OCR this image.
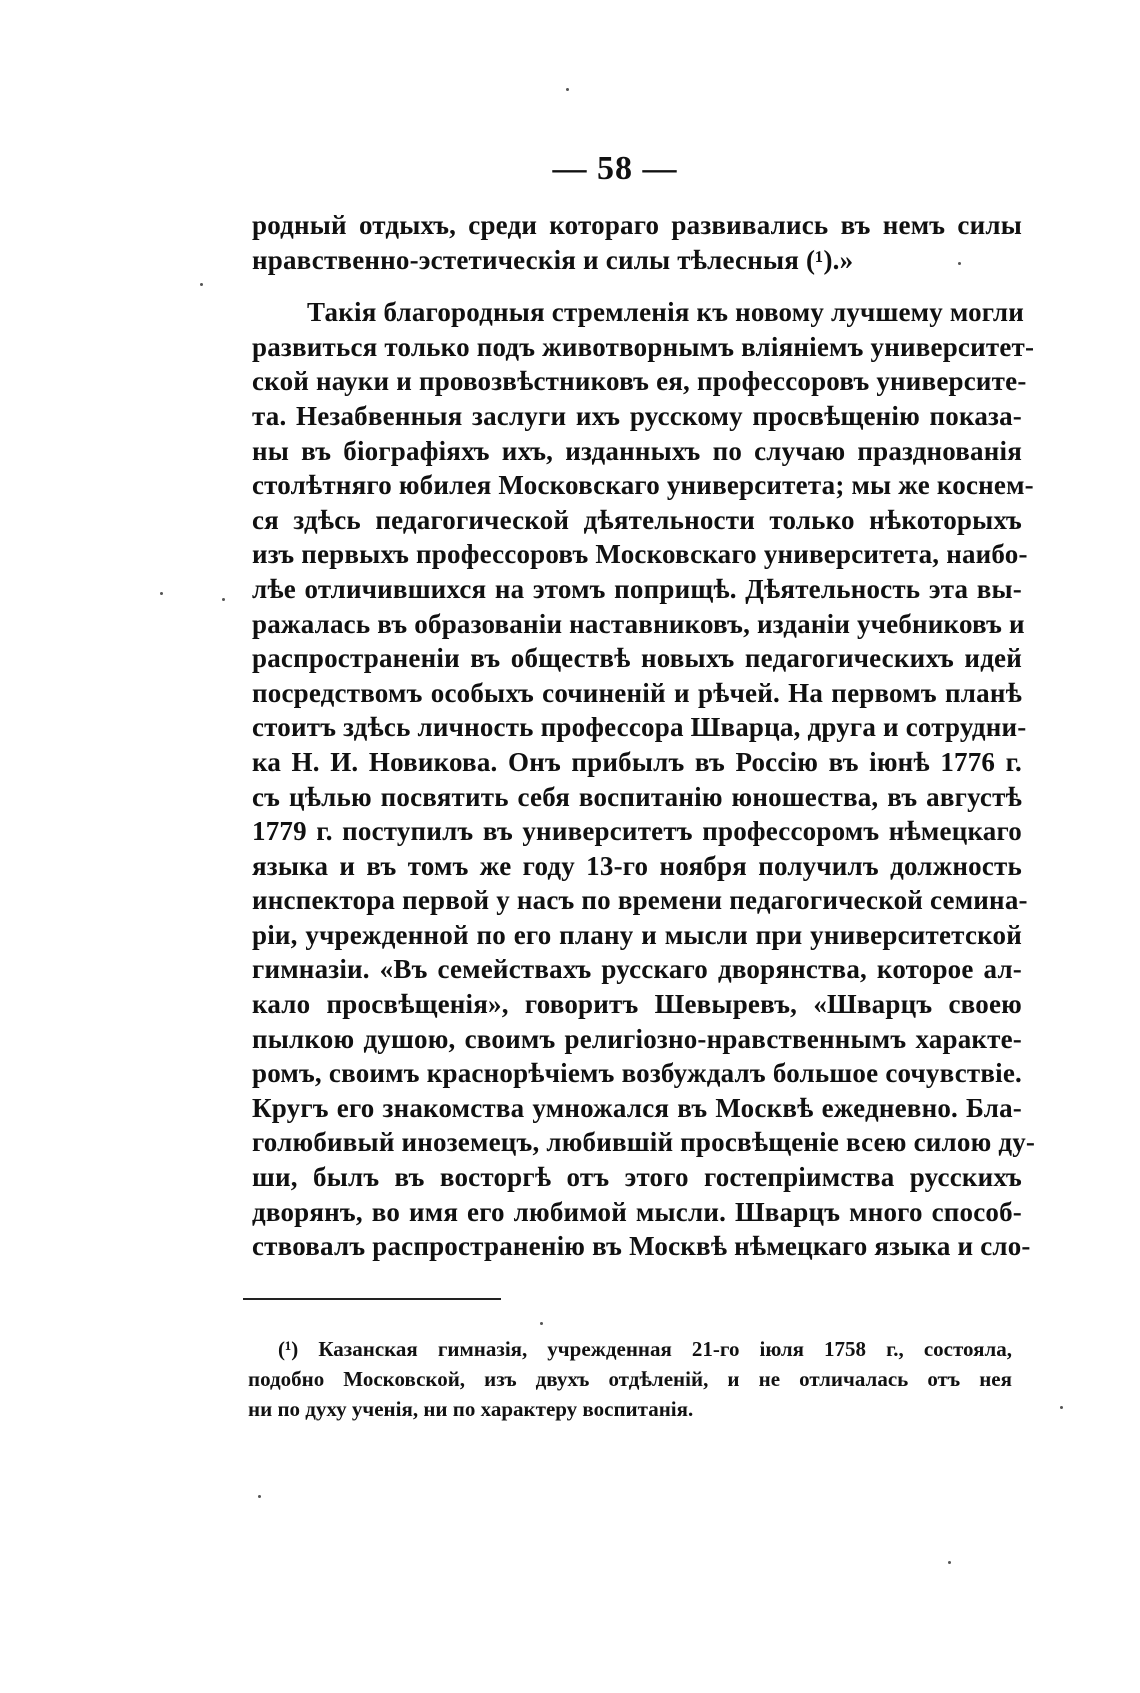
— 58 —
родный отдыхъ, среди котораго развивались въ немъ силы
нравственно-эстетическія и силы тѣлесныя (¹).»
Такія благородныя стремленія къ новому лучшему могли
развиться только подъ животворнымъ вліяніемъ университет-
ской науки и провозвѣстниковъ ея, профессоровъ университе-
та. Незабвенныя заслуги ихъ русскому просвѣщенію показа-
ны въ біографіяхъ ихъ, изданныхъ по случаю празднованія
столѣтняго юбилея Московскаго университета; мы же коснем-
ся здѣсь педагогической дѣятельности только нѣкоторыхъ
изъ первыхъ профессоровъ Московскаго университета, наибо-
лѣе отличившихся на этомъ поприщѣ. Дѣятельность эта вы-
ражалась въ образованіи наставниковъ, изданіи учебниковъ и
распространеніи въ обществѣ новыхъ педагогическихъ идей
посредствомъ особыхъ сочиненій и рѣчей. На первомъ планѣ
стоитъ здѣсь личность профессора Шварца, друга и сотрудни-
ка Н. И. Новикова. Онъ прибылъ въ Россію въ іюнѣ 1776 г.
съ цѣлью посвятить себя воспитанію юношества, въ августѣ
1779 г. поступилъ въ университетъ профессоромъ нѣмецкаго
языка и въ томъ же году 13-го ноября получилъ должность
инспектора первой у насъ по времени педагогической семина-
ріи, учрежденной по его плану и мысли при университетской
гимназіи. «Въ семействахъ русскаго дворянства, которое ал-
кало просвѣщенія», говоритъ Шевыревъ, «Шварцъ своею
пылкою душою, своимъ религіозно-нравственнымъ характе-
ромъ, своимъ краснорѣчіемъ возбуждалъ большое сочувствіе.
Кругъ его знакомства умножался въ Москвѣ ежедневно. Бла-
голюбивый иноземецъ, любившій просвѣщеніе всею силою ду-
ши, былъ въ восторгѣ отъ этого гостепріимства русскихъ
дворянъ, во имя его любимой мысли. Шварцъ много способ-
ствовалъ распространенію въ Москвѣ нѣмецкаго языка и сло-
(¹) Казанская гимназія, учрежденная 21-го іюля 1758 г., состояла,
подобно Московской, изъ двухъ отдѣленій, и не отличалась отъ нея
ни по духу ученія, ни по характеру воспитанія.
